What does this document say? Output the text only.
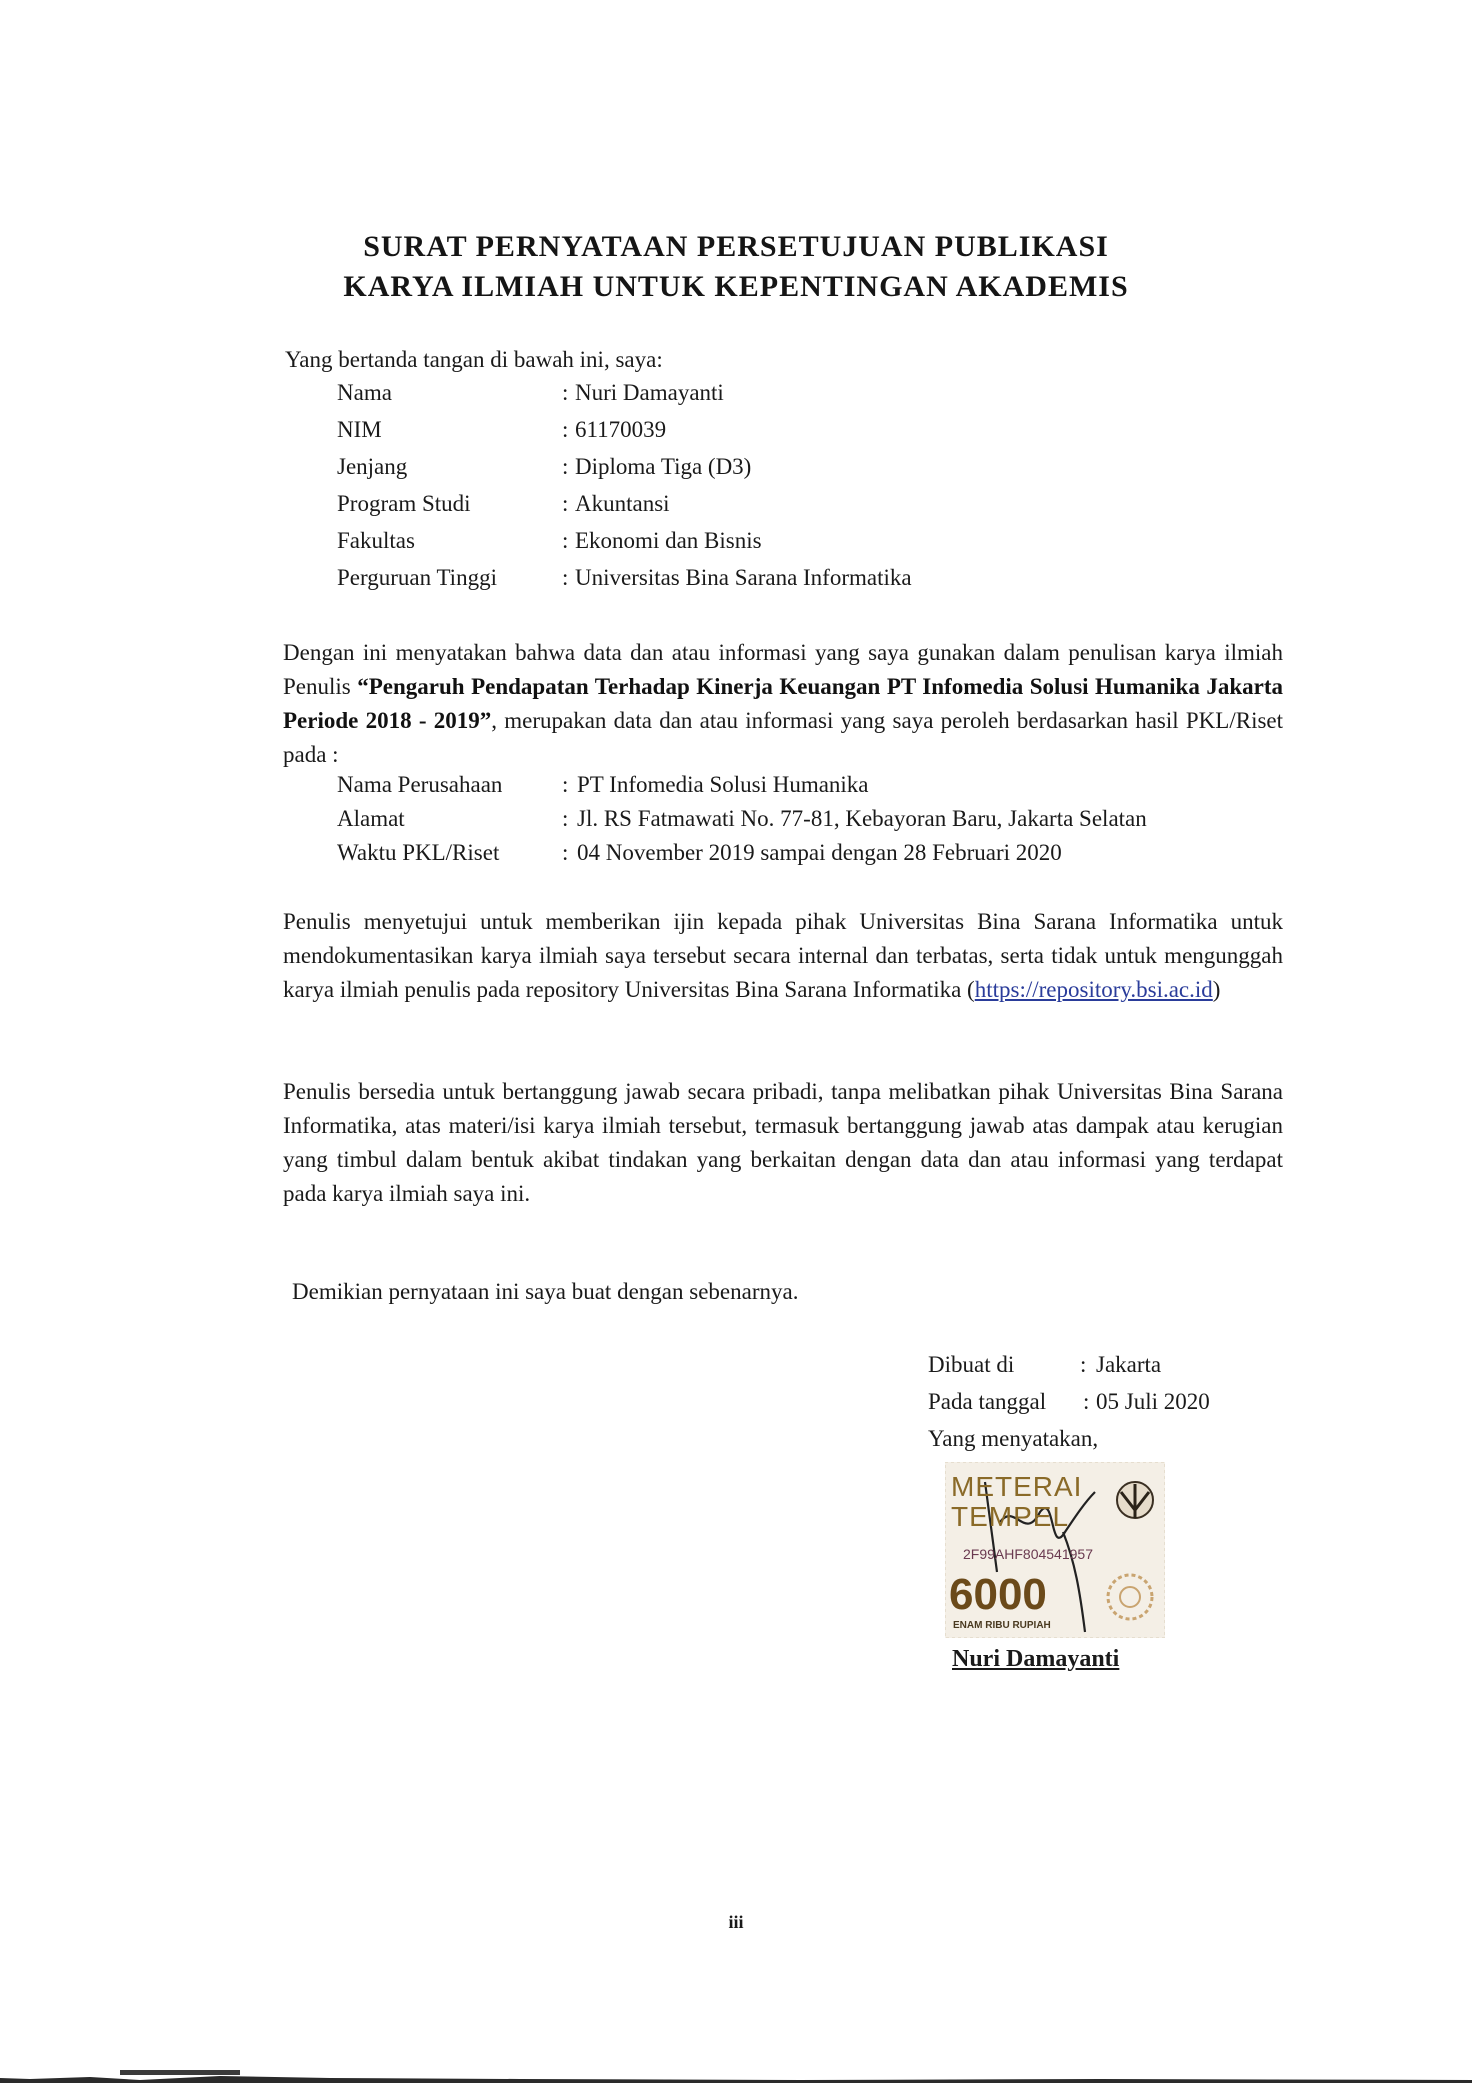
SURAT PERNYATAAN PERSETUJUAN PUBLIKASI
KARYA ILMIAH UNTUK KEPENTINGAN AKADEMIS
Yang bertanda tangan di bawah ini, saya:
Nama	: Nuri Damayanti
NIM	: 61170039
Jenjang	: Diploma Tiga (D3)
Program Studi	: Akuntansi
Fakultas	: Ekonomi dan Bisnis
Perguruan Tinggi	: Universitas Bina Sarana Informatika
Dengan ini menyatakan bahwa data dan atau informasi yang saya gunakan dalam penulisan karya ilmiah Penulis “Pengaruh Pendapatan Terhadap Kinerja Keuangan PT Infomedia Solusi Humanika Jakarta Periode 2018 - 2019”, merupakan data dan atau informasi yang saya peroleh berdasarkan hasil PKL/Riset pada :
Nama Perusahaan	: PT Infomedia Solusi Humanika
Alamat	: Jl. RS Fatmawati No. 77-81, Kebayoran Baru, Jakarta Selatan
Waktu PKL/Riset	: 04 November 2019 sampai dengan 28 Februari 2020
Penulis menyetujui untuk memberikan ijin kepada pihak Universitas Bina Sarana Informatika untuk mendokumentasikan karya ilmiah saya tersebut secara internal dan terbatas, serta tidak untuk mengunggah karya ilmiah penulis pada repository Universitas Bina Sarana Informatika (https://repository.bsi.ac.id)
Penulis bersedia untuk bertanggung jawab secara pribadi, tanpa melibatkan pihak Universitas Bina Sarana Informatika, atas materi/isi karya ilmiah tersebut, termasuk bertanggung jawab atas dampak atau kerugian yang timbul dalam bentuk akibat tindakan yang berkaitan dengan data dan atau informasi yang terdapat pada karya ilmiah saya ini.
Demikian pernyataan ini saya buat dengan sebenarnya.
Dibuat di	: Jakarta
Pada tanggal : 05 Juli 2020
Yang menyatakan,
METERAI
TEMPEL
2F99AHF804541957
6000
ENAM RIBU RUPIAH
Nuri Damayanti
iii
